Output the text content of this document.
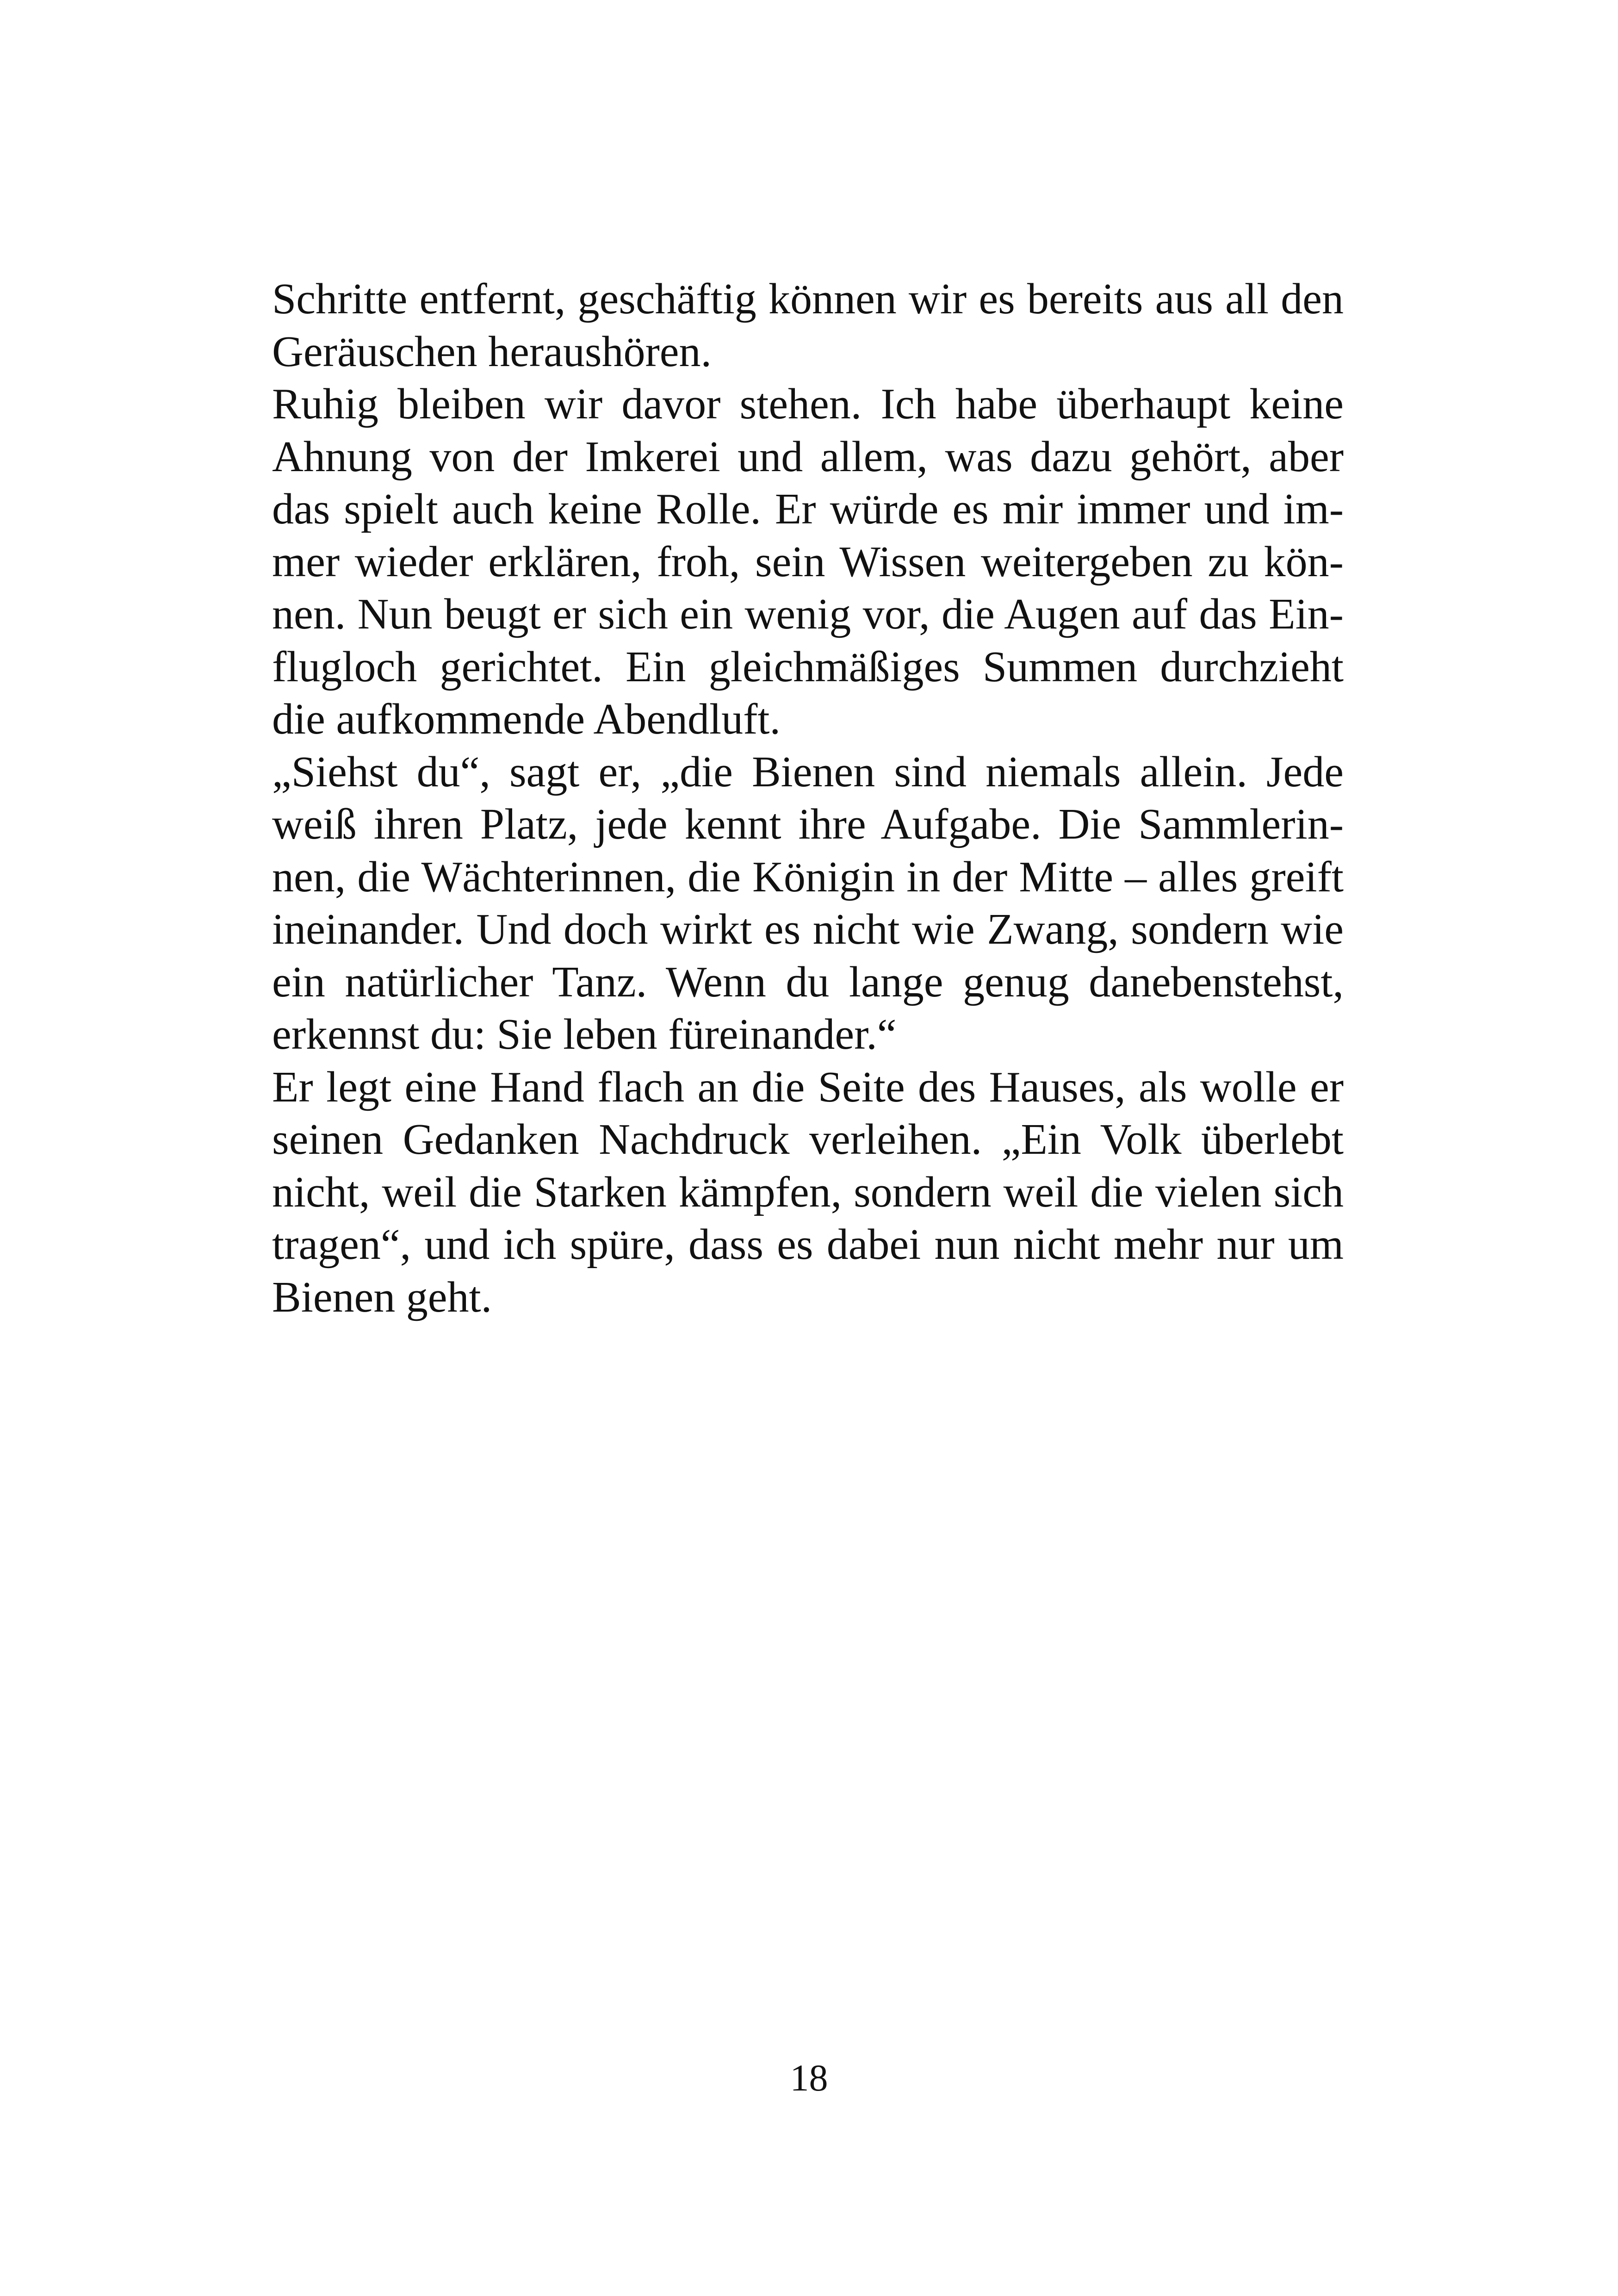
Schritte entfernt, geschäftig können wir es bereits aus all den
Geräuschen heraushören.
Ruhig bleiben wir davor stehen. Ich habe überhaupt keine
Ahnung von der Imkerei und allem, was dazu gehört, aber
das spielt auch keine Rolle. Er würde es mir immer und im-
mer wieder erklären, froh, sein Wissen weitergeben zu kön-
nen. Nun beugt er sich ein wenig vor, die Augen auf das Ein-
flugloch gerichtet. Ein gleichmäßiges Summen durchzieht
die aufkommende Abendluft.
„Siehst du“, sagt er, „die Bienen sind niemals allein. Jede
weiß ihren Platz, jede kennt ihre Aufgabe. Die Sammlerin-
nen, die Wächterinnen, die Königin in der Mitte – alles greift
ineinander. Und doch wirkt es nicht wie Zwang, sondern wie
ein natürlicher Tanz. Wenn du lange genug danebenstehst,
erkennst du: Sie leben füreinander.“
Er legt eine Hand flach an die Seite des Hauses, als wolle er
seinen Gedanken Nachdruck verleihen. „Ein Volk überlebt
nicht, weil die Starken kämpfen, sondern weil die vielen sich
tragen“, und ich spüre, dass es dabei nun nicht mehr nur um
Bienen geht.
18
